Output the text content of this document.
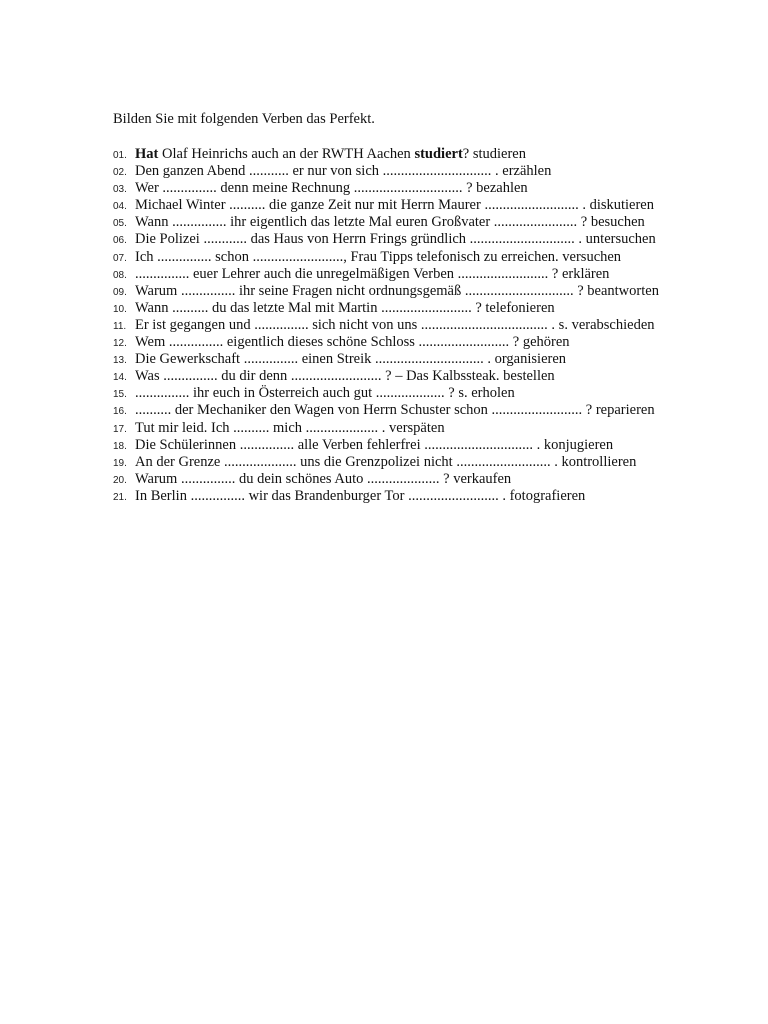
Bilden Sie mit folgenden Verben das Perfekt.
01. Hat Olaf Heinrichs auch an der RWTH Aachen studiert? studieren
02. Den ganzen Abend ........... er nur von sich .............................. . erzählen
03. Wer ............... denn meine Rechnung .............................. ? bezahlen
04. Michael Winter .......... die ganze Zeit nur mit Herrn Maurer .......................... . diskutieren
05. Wann ............... ihr eigentlich das letzte Mal euren Großvater ....................... ? besuchen
06. Die Polizei ............ das Haus von Herrn Frings gründlich ............................. . untersuchen
07. Ich ............... schon ........................., Frau Tipps telefonisch zu erreichen. versuchen
08. ............... euer Lehrer auch die unregelmäßigen Verben ......................... ? erklären
09. Warum ............... ihr seine Fragen nicht ordnungsgemäß .............................. ? beantworten
10. Wann .......... du das letzte Mal mit Martin ......................... ? telefonieren
11. Er ist gegangen und ............... sich nicht von uns ................................... . s. verabschieden
12. Wem ............... eigentlich dieses schöne Schloss ......................... ? gehören
13. Die Gewerkschaft ............... einen Streik .............................. . organisieren
14. Was ............... du dir denn ......................... ? – Das Kalbssteak. bestellen
15. ............... ihr euch in Österreich auch gut ................... ? s. erholen
16. .......... der Mechaniker den Wagen von Herrn Schuster schon ......................... ? reparieren
17. Tut mir leid. Ich .......... mich .................... . verspäten
18. Die Schülerinnen ............... alle Verben fehlerfrei .............................. . konjugieren
19. An der Grenze .................... uns die Grenzpolizei nicht .......................... . kontrollieren
20. Warum ............... du dein schönes Auto .................... ? verkaufen
21. In Berlin ............... wir das Brandenburger Tor ......................... . fotografieren
